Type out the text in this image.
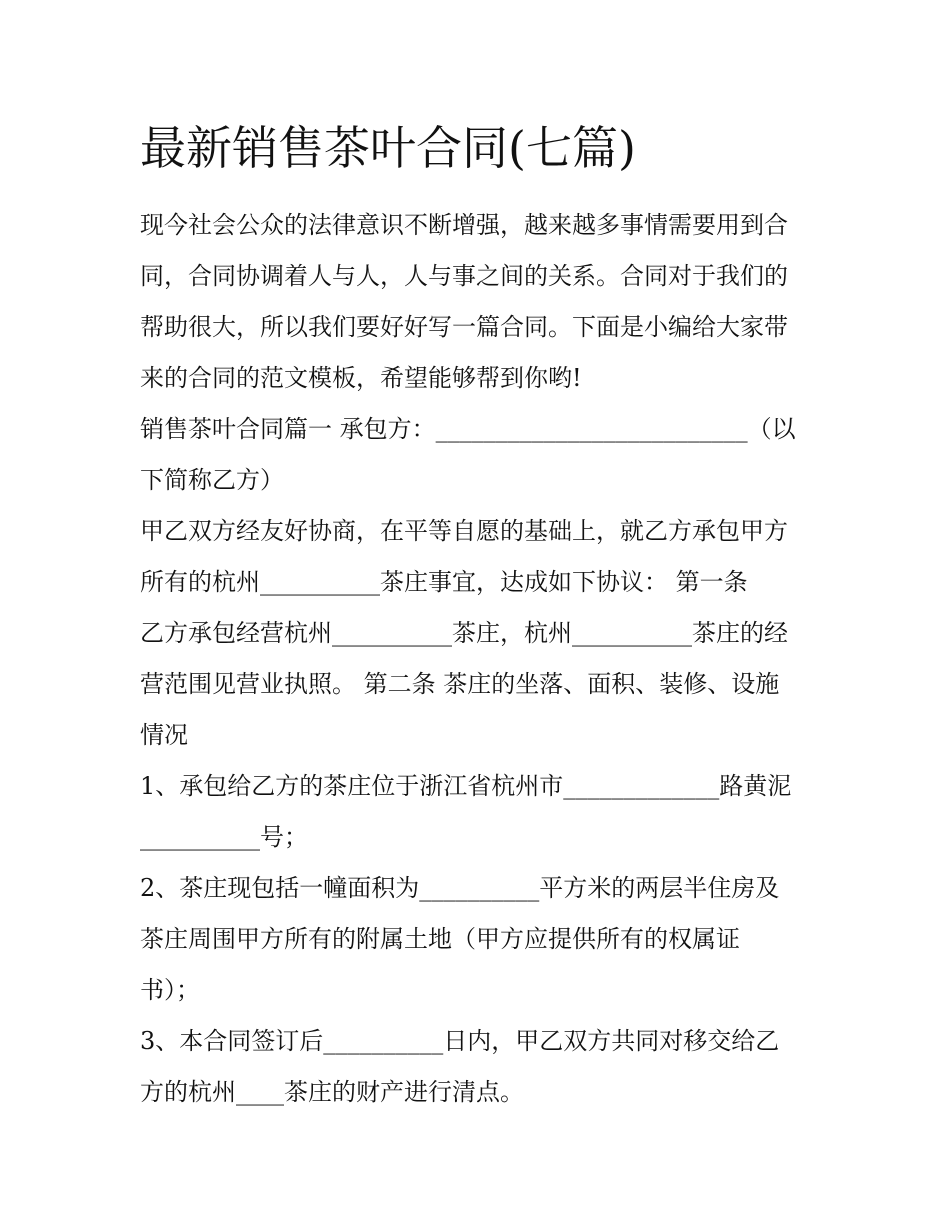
最新销售茶叶合同(七篇)
现今社会公众的法律意识不断增强，越来越多事情需要用到合
同，合同协调着人与人，人与事之间的关系。合同对于我们的
帮助很大，所以我们要好好写一篇合同。下面是小编给大家带
来的合同的范文模板，希望能够帮到你哟!
销售茶叶合同篇一 承包方：__________________________（以
下简称乙方）
甲乙双方经友好协商，在平等自愿的基础上，就乙方承包甲方
所有的杭州__________茶庄事宜，达成如下协议： 第一条
乙方承包经营杭州__________茶庄，杭州__________茶庄的经
营范围见营业执照。 第二条 茶庄的坐落、面积、装修、设施
情况
1、承包给乙方的茶庄位于浙江省杭州市_____________路黄泥
__________号；
2、茶庄现包括一幢面积为__________平方米的两层半住房及
茶庄周围甲方所有的附属土地（甲方应提供所有的权属证
书）；
3、本合同签订后__________日内，甲乙双方共同对移交给乙
方的杭州____茶庄的财产进行清点。
